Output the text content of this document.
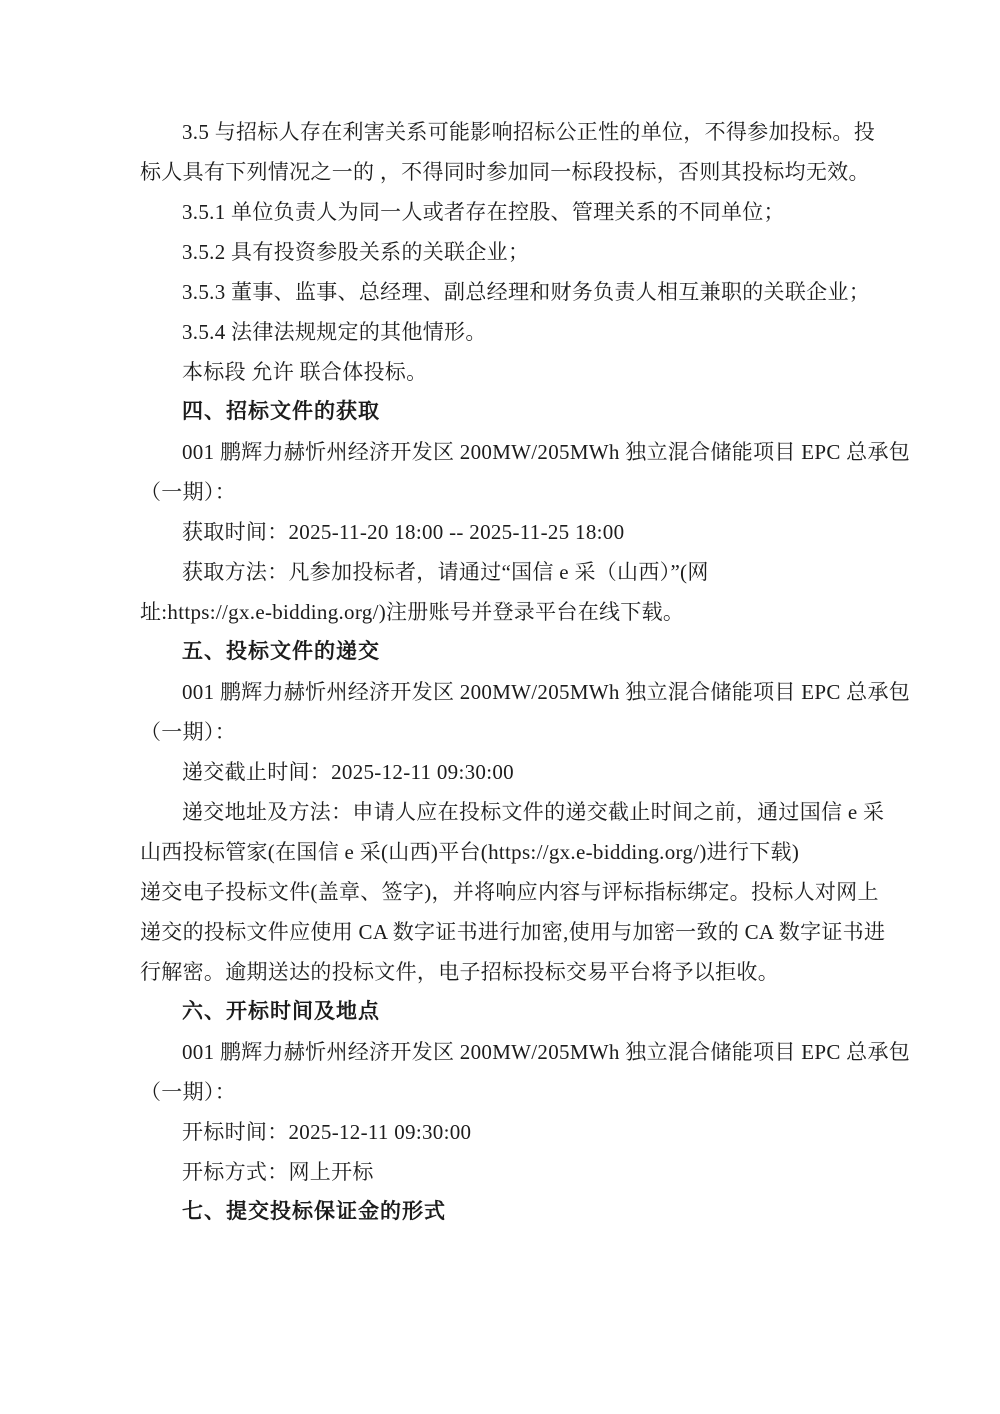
3.5 与招标人存在利害关系可能影响招标公正性的单位，不得参加投标。投
标人具有下列情况之一的 ，不得同时参加同一标段投标，否则其投标均无效。
3.5.1 单位负责人为同一人或者存在控股、管理关系的不同单位；
3.5.2 具有投资参股关系的关联企业；
3.5.3 董事、监事、总经理、副总经理和财务负责人相互兼职的关联企业；
3.5.4 法律法规规定的其他情形。
本标段 允许 联合体投标。
四、招标文件的获取
001 鹏辉力赫忻州经济开发区 200MW/205MWh 独立混合储能项目 EPC 总承包
（一期）：
获取时间：2025-11-20 18:00 -- 2025-11-25 18:00
获取方法：凡参加投标者，请通过“国信 e 采（山西）”(网
址:https://gx.e-bidding.org/)注册账号并登录平台在线下载。
五、投标文件的递交
001 鹏辉力赫忻州经济开发区 200MW/205MWh 独立混合储能项目 EPC 总承包
（一期）：
递交截止时间：2025-12-11 09:30:00
递交地址及方法：申请人应在投标文件的递交截止时间之前，通过国信 e 采
山西投标管家(在国信 e 采(山西)平台(https://gx.e-bidding.org/)进行下载)
递交电子投标文件(盖章、签字)，并将响应内容与评标指标绑定。投标人对网上
递交的投标文件应使用 CA 数字证书进行加密,使用与加密一致的 CA 数字证书进
行解密。逾期送达的投标文件，电子招标投标交易平台将予以拒收。
六、开标时间及地点
001 鹏辉力赫忻州经济开发区 200MW/205MWh 独立混合储能项目 EPC 总承包
（一期）：
开标时间：2025-12-11 09:30:00
开标方式：网上开标
七、提交投标保证金的形式
